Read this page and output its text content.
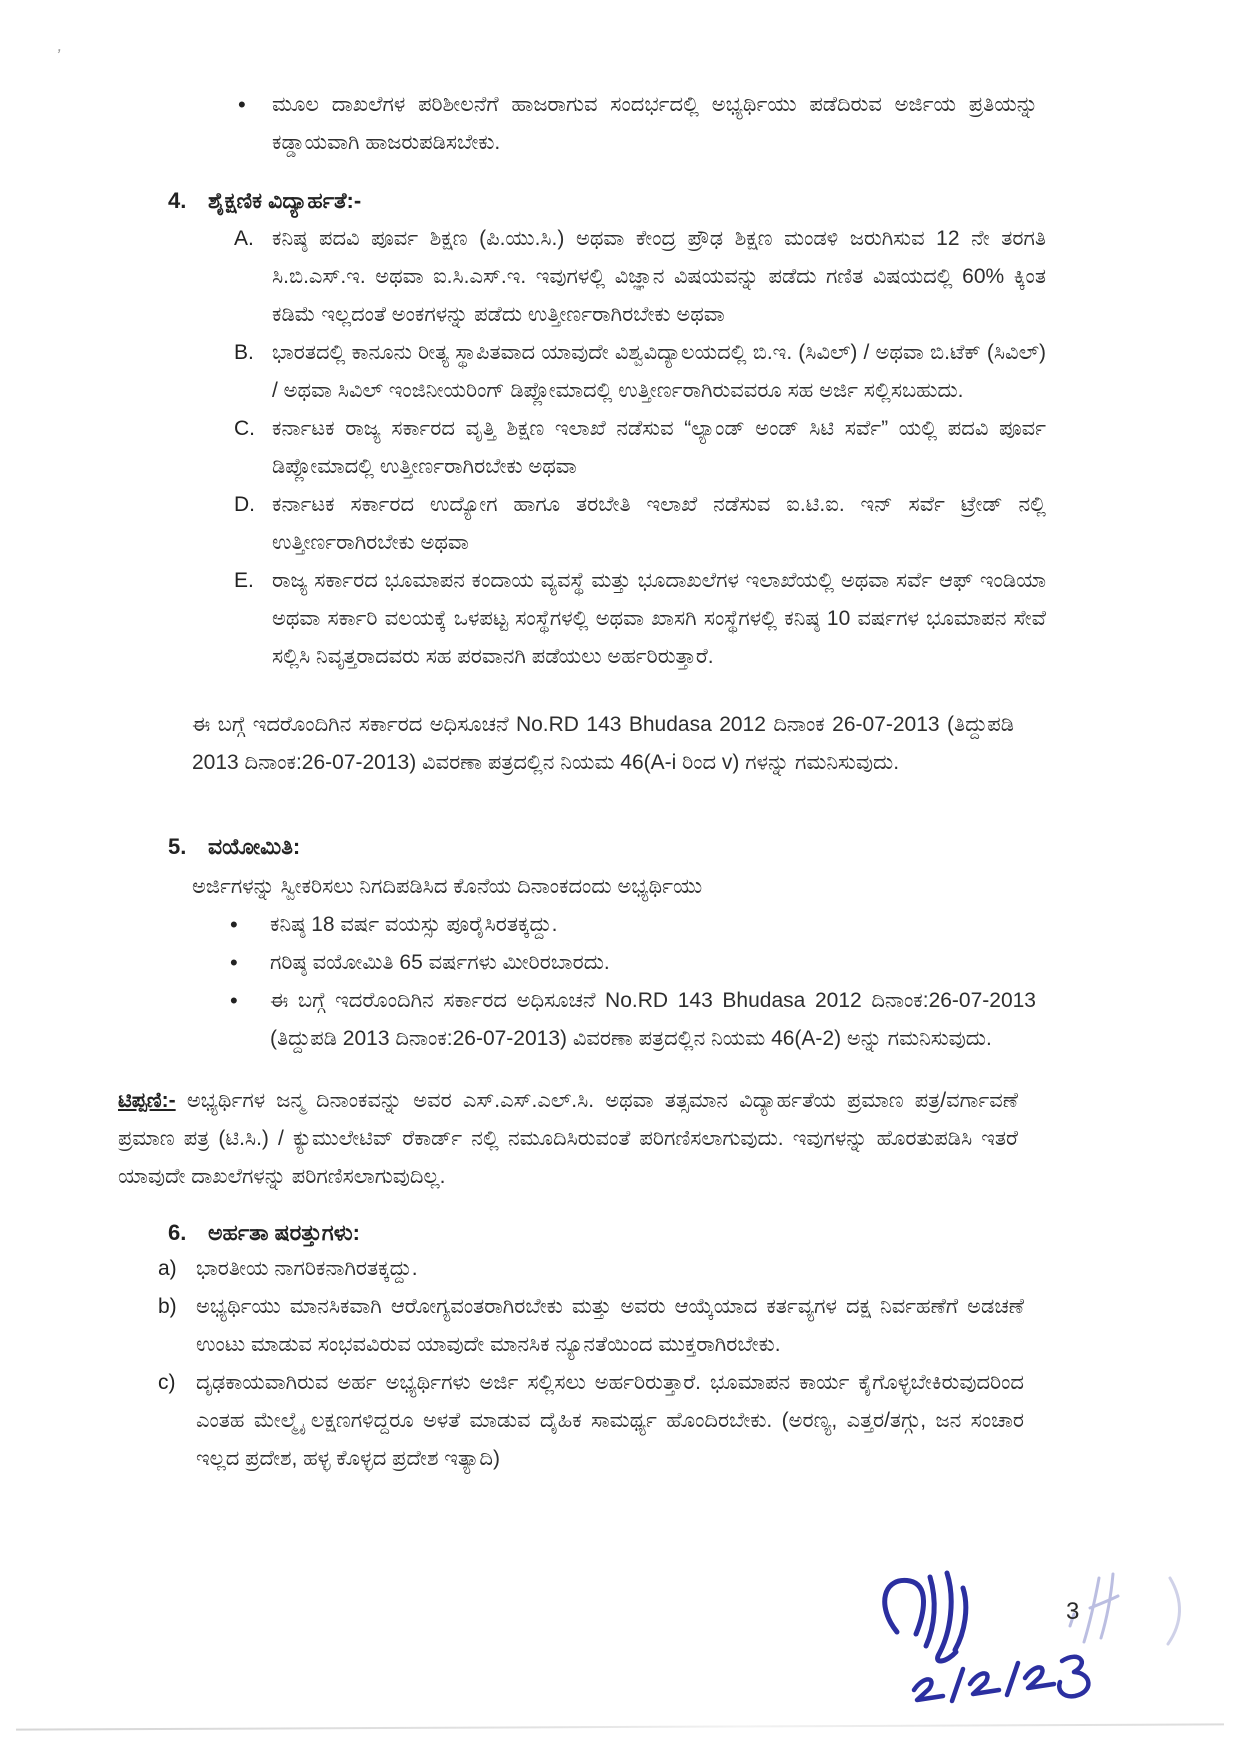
ʼ
• ಮೂಲ ದಾಖಲೆಗಳ ಪರಿಶೀಲನೆಗೆ ಹಾಜರಾಗುವ ಸಂದರ್ಭದಲ್ಲಿ ಅಭ್ಯರ್ಥಿಯು ಪಡೆದಿರುವ ಅರ್ಜಿಯ ಪ್ರತಿಯನ್ನು ಕಡ್ಡಾಯವಾಗಿ ಹಾಜರುಪಡಿಸಬೇಕು.
4. ಶೈಕ್ಷಣಿಕ ವಿದ್ಯಾರ್ಹತೆ:-
A. ಕನಿಷ್ಠ ಪದವಿ ಪೂರ್ವ ಶಿಕ್ಷಣ (ಪಿ.ಯು.ಸಿ.) ಅಥವಾ ಕೇಂದ್ರ ಪ್ರೌಢ ಶಿಕ್ಷಣ ಮಂಡಳಿ ಜರುಗಿಸುವ 12 ನೇ ತರಗತಿ ಸಿ.ಬಿ.ಎಸ್.ಇ. ಅಥವಾ ಐ.ಸಿ.ಎಸ್.ಇ. ಇವುಗಳಲ್ಲಿ ವಿಜ್ಞಾನ ವಿಷಯವನ್ನು ಪಡೆದು ಗಣಿತ ವಿಷಯದಲ್ಲಿ 60% ಕ್ಕಿಂತ ಕಡಿಮೆ ಇಲ್ಲದಂತೆ ಅಂಕಗಳನ್ನು ಪಡೆದು ಉತ್ತೀರ್ಣರಾಗಿರಬೇಕು ಅಥವಾ
B. ಭಾರತದಲ್ಲಿ ಕಾನೂನು ರೀತ್ಯ ಸ್ಥಾಪಿತವಾದ ಯಾವುದೇ ವಿಶ್ವವಿದ್ಯಾಲಯದಲ್ಲಿ ಬಿ.ಇ. (ಸಿವಿಲ್) / ಅಥವಾ ಬಿ.ಟೆಕ್ (ಸಿವಿಲ್) / ಅಥವಾ ಸಿವಿಲ್ ಇಂಜಿನೀಯರಿಂಗ್ ಡಿಪ್ಲೋಮಾದಲ್ಲಿ ಉತ್ತೀರ್ಣರಾಗಿರುವವರೂ ಸಹ ಅರ್ಜಿ ಸಲ್ಲಿಸಬಹುದು.
C. ಕರ್ನಾಟಕ ರಾಜ್ಯ ಸರ್ಕಾರದ ವೃತ್ತಿ ಶಿಕ್ಷಣ ಇಲಾಖೆ ನಡೆಸುವ “ಲ್ಯಾಂಡ್ ಅಂಡ್ ಸಿಟಿ ಸರ್ವೆ” ಯಲ್ಲಿ ಪದವಿ ಪೂರ್ವ ಡಿಪ್ಲೋಮಾದಲ್ಲಿ ಉತ್ತೀರ್ಣರಾಗಿರಬೇಕು ಅಥವಾ
D. ಕರ್ನಾಟಕ ಸರ್ಕಾರದ ಉದ್ಯೋಗ ಹಾಗೂ ತರಬೇತಿ ಇಲಾಖೆ ನಡೆಸುವ ಐ.ಟಿ.ಐ. ಇನ್ ಸರ್ವೆ ಟ್ರೇಡ್ ನಲ್ಲಿ ಉತ್ತೀರ್ಣರಾಗಿರಬೇಕು ಅಥವಾ
E. ರಾಜ್ಯ ಸರ್ಕಾರದ ಭೂಮಾಪನ ಕಂದಾಯ ವ್ಯವಸ್ಥೆ ಮತ್ತು ಭೂದಾಖಲೆಗಳ ಇಲಾಖೆಯಲ್ಲಿ ಅಥವಾ ಸರ್ವೆ ಆಫ್ ಇಂಡಿಯಾ ಅಥವಾ ಸರ್ಕಾರಿ ವಲಯಕ್ಕೆ ಒಳಪಟ್ಟ ಸಂಸ್ಥೆಗಳಲ್ಲಿ ಅಥವಾ ಖಾಸಗಿ ಸಂಸ್ಥೆಗಳಲ್ಲಿ ಕನಿಷ್ಠ 10 ವರ್ಷಗಳ ಭೂಮಾಪನ ಸೇವೆ ಸಲ್ಲಿಸಿ ನಿವೃತ್ತರಾದವರು ಸಹ ಪರವಾನಗಿ ಪಡೆಯಲು ಅರ್ಹರಿರುತ್ತಾರೆ.

ಈ ಬಗ್ಗೆ ಇದರೊಂದಿಗಿನ ಸರ್ಕಾರದ ಅಧಿಸೂಚನೆ No.RD 143 Bhudasa 2012 ದಿನಾಂಕ 26-07-2013 (ತಿದ್ದುಪಡಿ 2013 ದಿನಾಂಕ:26-07-2013) ವಿವರಣಾ ಪತ್ರದಲ್ಲಿನ ನಿಯಮ 46(A-i ರಿಂದ v) ಗಳನ್ನು ಗಮನಿಸುವುದು.

5. ವಯೋಮಿತಿ:
ಅರ್ಜಿಗಳನ್ನು ಸ್ವೀಕರಿಸಲು ನಿಗದಿಪಡಿಸಿದ ಕೊನೆಯ ದಿನಾಂಕದಂದು ಅಭ್ಯರ್ಥಿಯು
• ಕನಿಷ್ಠ 18 ವರ್ಷ ವಯಸ್ಸು ಪೂರೈಸಿರತಕ್ಕದ್ದು.
• ಗರಿಷ್ಠ ವಯೋಮಿತಿ 65 ವರ್ಷಗಳು ಮೀರಿರಬಾರದು.
• ಈ ಬಗ್ಗೆ ಇದರೊಂದಿಗಿನ ಸರ್ಕಾರದ ಅಧಿಸೂಚನೆ No.RD 143 Bhudasa 2012 ದಿನಾಂಕ:26-07-2013 (ತಿದ್ದುಪಡಿ 2013 ದಿನಾಂಕ:26-07-2013) ವಿವರಣಾ ಪತ್ರದಲ್ಲಿನ ನಿಯಮ 46(A-2) ಅನ್ನು ಗಮನಿಸುವುದು.

ಟಿಪ್ಪಣಿ:- ಅಭ್ಯರ್ಥಿಗಳ ಜನ್ಮ ದಿನಾಂಕವನ್ನು ಅವರ ಎಸ್.ಎಸ್.ಎಲ್.ಸಿ. ಅಥವಾ ತತ್ಸಮಾನ ವಿದ್ಯಾರ್ಹತೆಯ ಪ್ರಮಾಣ ಪತ್ರ/ವರ್ಗಾವಣೆ ಪ್ರಮಾಣ ಪತ್ರ (ಟಿ.ಸಿ.) / ಕ್ಯುಮುಲೇಟಿವ್ ರೆಕಾರ್ಡ್ ನಲ್ಲಿ ನಮೂದಿಸಿರುವಂತೆ ಪರಿಗಣಿಸಲಾಗುವುದು. ಇವುಗಳನ್ನು ಹೊರತುಪಡಿಸಿ ಇತರೆ ಯಾವುದೇ ದಾಖಲೆಗಳನ್ನು ಪರಿಗಣಿಸಲಾಗುವುದಿಲ್ಲ.

6. ಅರ್ಹತಾ ಷರತ್ತುಗಳು:
a) ಭಾರತೀಯ ನಾಗರಿಕನಾಗಿರತಕ್ಕದ್ದು.
b) ಅಭ್ಯರ್ಥಿಯು ಮಾನಸಿಕವಾಗಿ ಆರೋಗ್ಯವಂತರಾಗಿರಬೇಕು ಮತ್ತು ಅವರು ಆಯ್ಕೆಯಾದ ಕರ್ತವ್ಯಗಳ ದಕ್ಷ ನಿರ್ವಹಣೆಗೆ ಅಡಚಣೆ ಉಂಟು ಮಾಡುವ ಸಂಭವವಿರುವ ಯಾವುದೇ ಮಾನಸಿಕ ನ್ಯೂನತೆಯಿಂದ ಮುಕ್ತರಾಗಿರಬೇಕು.
c) ದೃಢಕಾಯವಾಗಿರುವ ಅರ್ಹ ಅಭ್ಯರ್ಥಿಗಳು ಅರ್ಜಿ ಸಲ್ಲಿಸಲು ಅರ್ಹರಿರುತ್ತಾರೆ. ಭೂಮಾಪನ ಕಾರ್ಯ ಕೈಗೊಳ್ಳಬೇಕಿರುವುದರಿಂದ ಎಂತಹ ಮೇಲ್ಮೈ ಲಕ್ಷಣಗಳಿದ್ದರೂ ಅಳತೆ ಮಾಡುವ ದೈಹಿಕ ಸಾಮರ್ಥ್ಯ ಹೊಂದಿರಬೇಕು. (ಅರಣ್ಯ, ಎತ್ತರ/ತಗ್ಗು, ಜನ ಸಂಚಾರ ಇಲ್ಲದ ಪ್ರದೇಶ, ಹಳ್ಳ ಕೊಳ್ಳದ ಪ್ರದೇಶ ಇತ್ಯಾದಿ)
3
